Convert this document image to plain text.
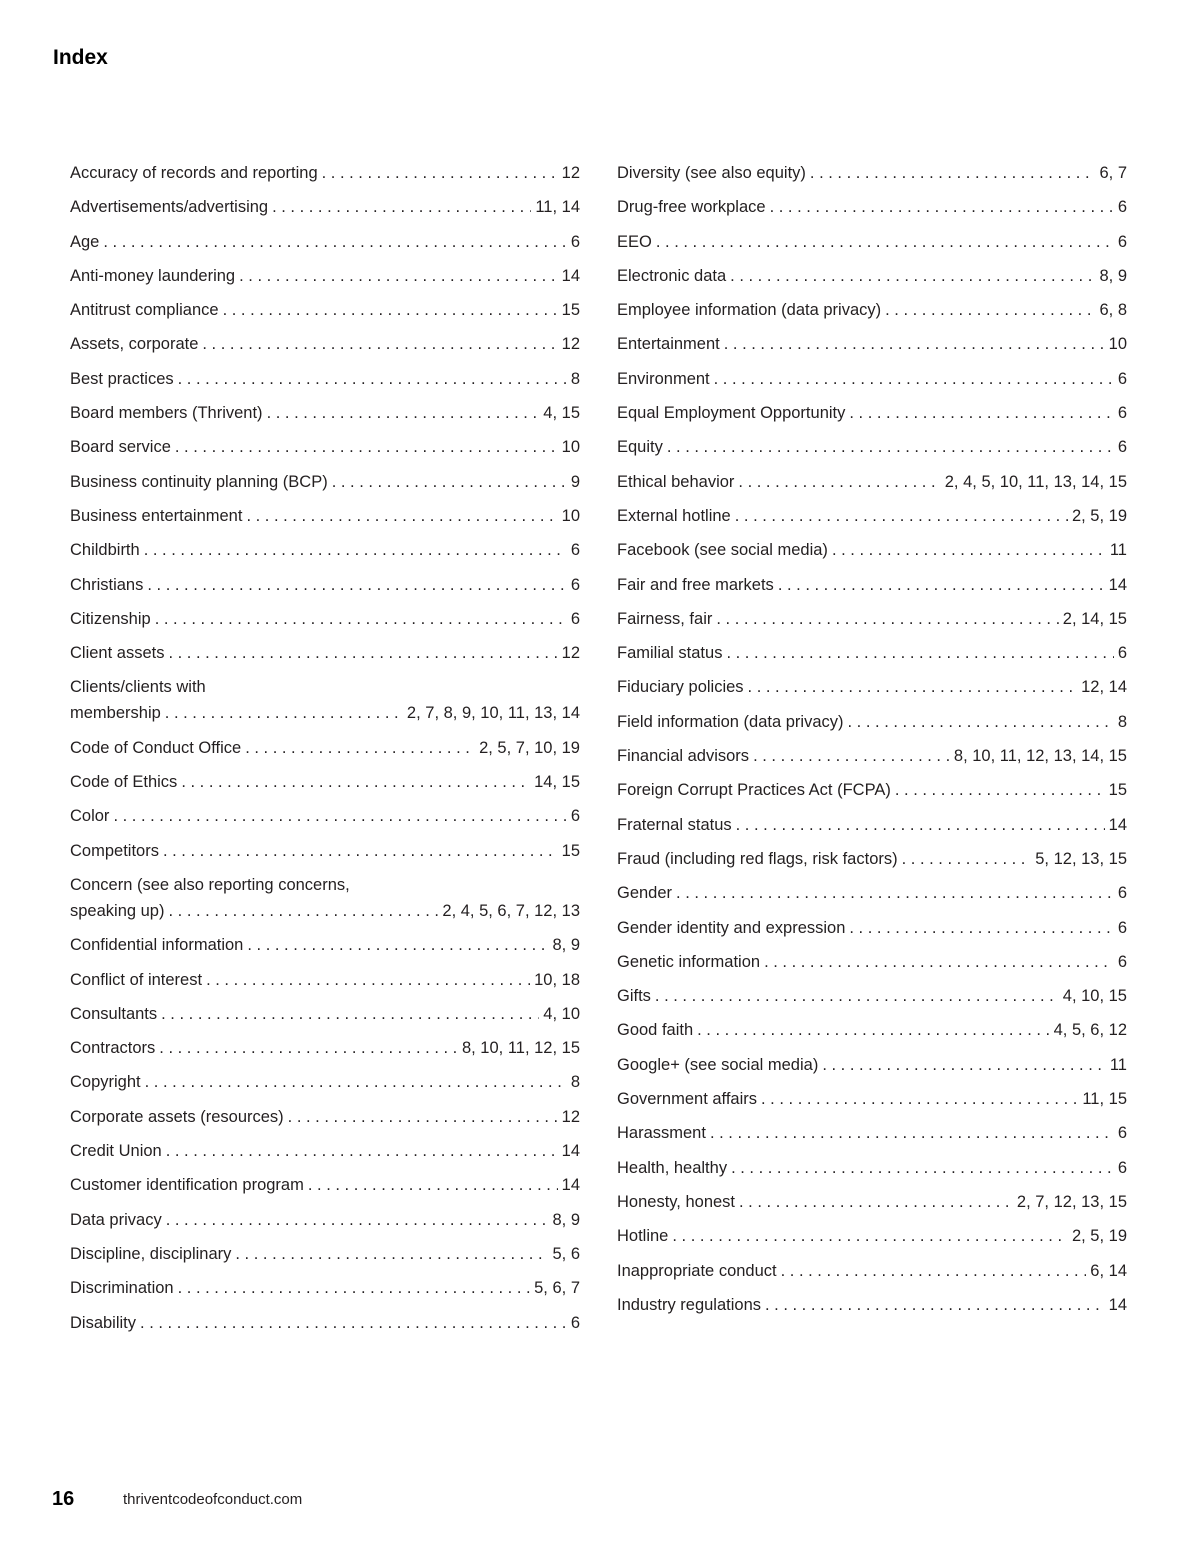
Index
Accuracy of records and reporting . . .	12
Advertisements/advertising . . .	11, 14
Age . . .	6
Anti-money laundering . . .	14
Antitrust compliance . . .	15
Assets, corporate . . .	12
Best practices . . .	8
Board members (Thrivent) . . .	4, 15
Board service . . .	10
Business continuity planning (BCP) . . .	9
Business entertainment . . .	10
Childbirth . . .	6
Christians . . .	6
Citizenship . . .	6
Client assets . . .	12
Clients/clients with
membership . . .	2, 7, 8, 9, 10, 11, 13, 14
Code of Conduct Office . . .	2, 5, 7, 10, 19
Code of Ethics . . .	14, 15
Color . . .	6
Competitors . . .	15
Concern (see also reporting concerns,
speaking up) . . .	2, 4, 5, 6, 7, 12, 13
Confidential information . . .	8, 9
Conflict of interest . . .	10, 18
Consultants . . .	4, 10
Contractors . . .	8, 10, 11, 12, 15
Copyright . . .	8
Corporate assets (resources) . . .	12
Credit Union . . .	14
Customer identification program . . .	14
Data privacy . . .	8, 9
Discipline, disciplinary . . .	5, 6
Discrimination . . .	5, 6, 7
Disability . . .	6
Diversity (see also equity) . . .	6, 7
Drug-free workplace . . .	6
EEO . . .	6
Electronic data . . .	8, 9
Employee information (data privacy) . . .	6, 8
Entertainment . . .	10
Environment . . .	6
Equal Employment Opportunity . . .	6
Equity . . .	6
Ethical behavior . . .	2, 4, 5, 10, 11, 13, 14, 15
External hotline . . .	2, 5, 19
Facebook (see social media) . . .	11
Fair and free markets . . .	14
Fairness, fair . . .	2, 14, 15
Familial status . . .	6
Fiduciary policies . . .	12, 14
Field information (data privacy) . . .	8
Financial advisors . . .	8, 10, 11, 12, 13, 14, 15
Foreign Corrupt Practices Act (FCPA) . . .	15
Fraternal status . . .	14
Fraud (including red flags, risk factors) . . .	5, 12, 13, 15
Gender . . .	6
Gender identity and expression . . .	6
Genetic information . . .	6
Gifts . . .	4, 10, 15
Good faith . . .	4, 5, 6, 12
Google+ (see social media) . . .	11
Government affairs . . .	11, 15
Harassment . . .	6
Health, healthy . . .	6
Honesty, honest . . .	2, 7, 12, 13, 15
Hotline . . .	2, 5, 19
Inappropriate conduct . . .	6, 14
Industry regulations . . .	14
16	thriventcodeofconduct.com
